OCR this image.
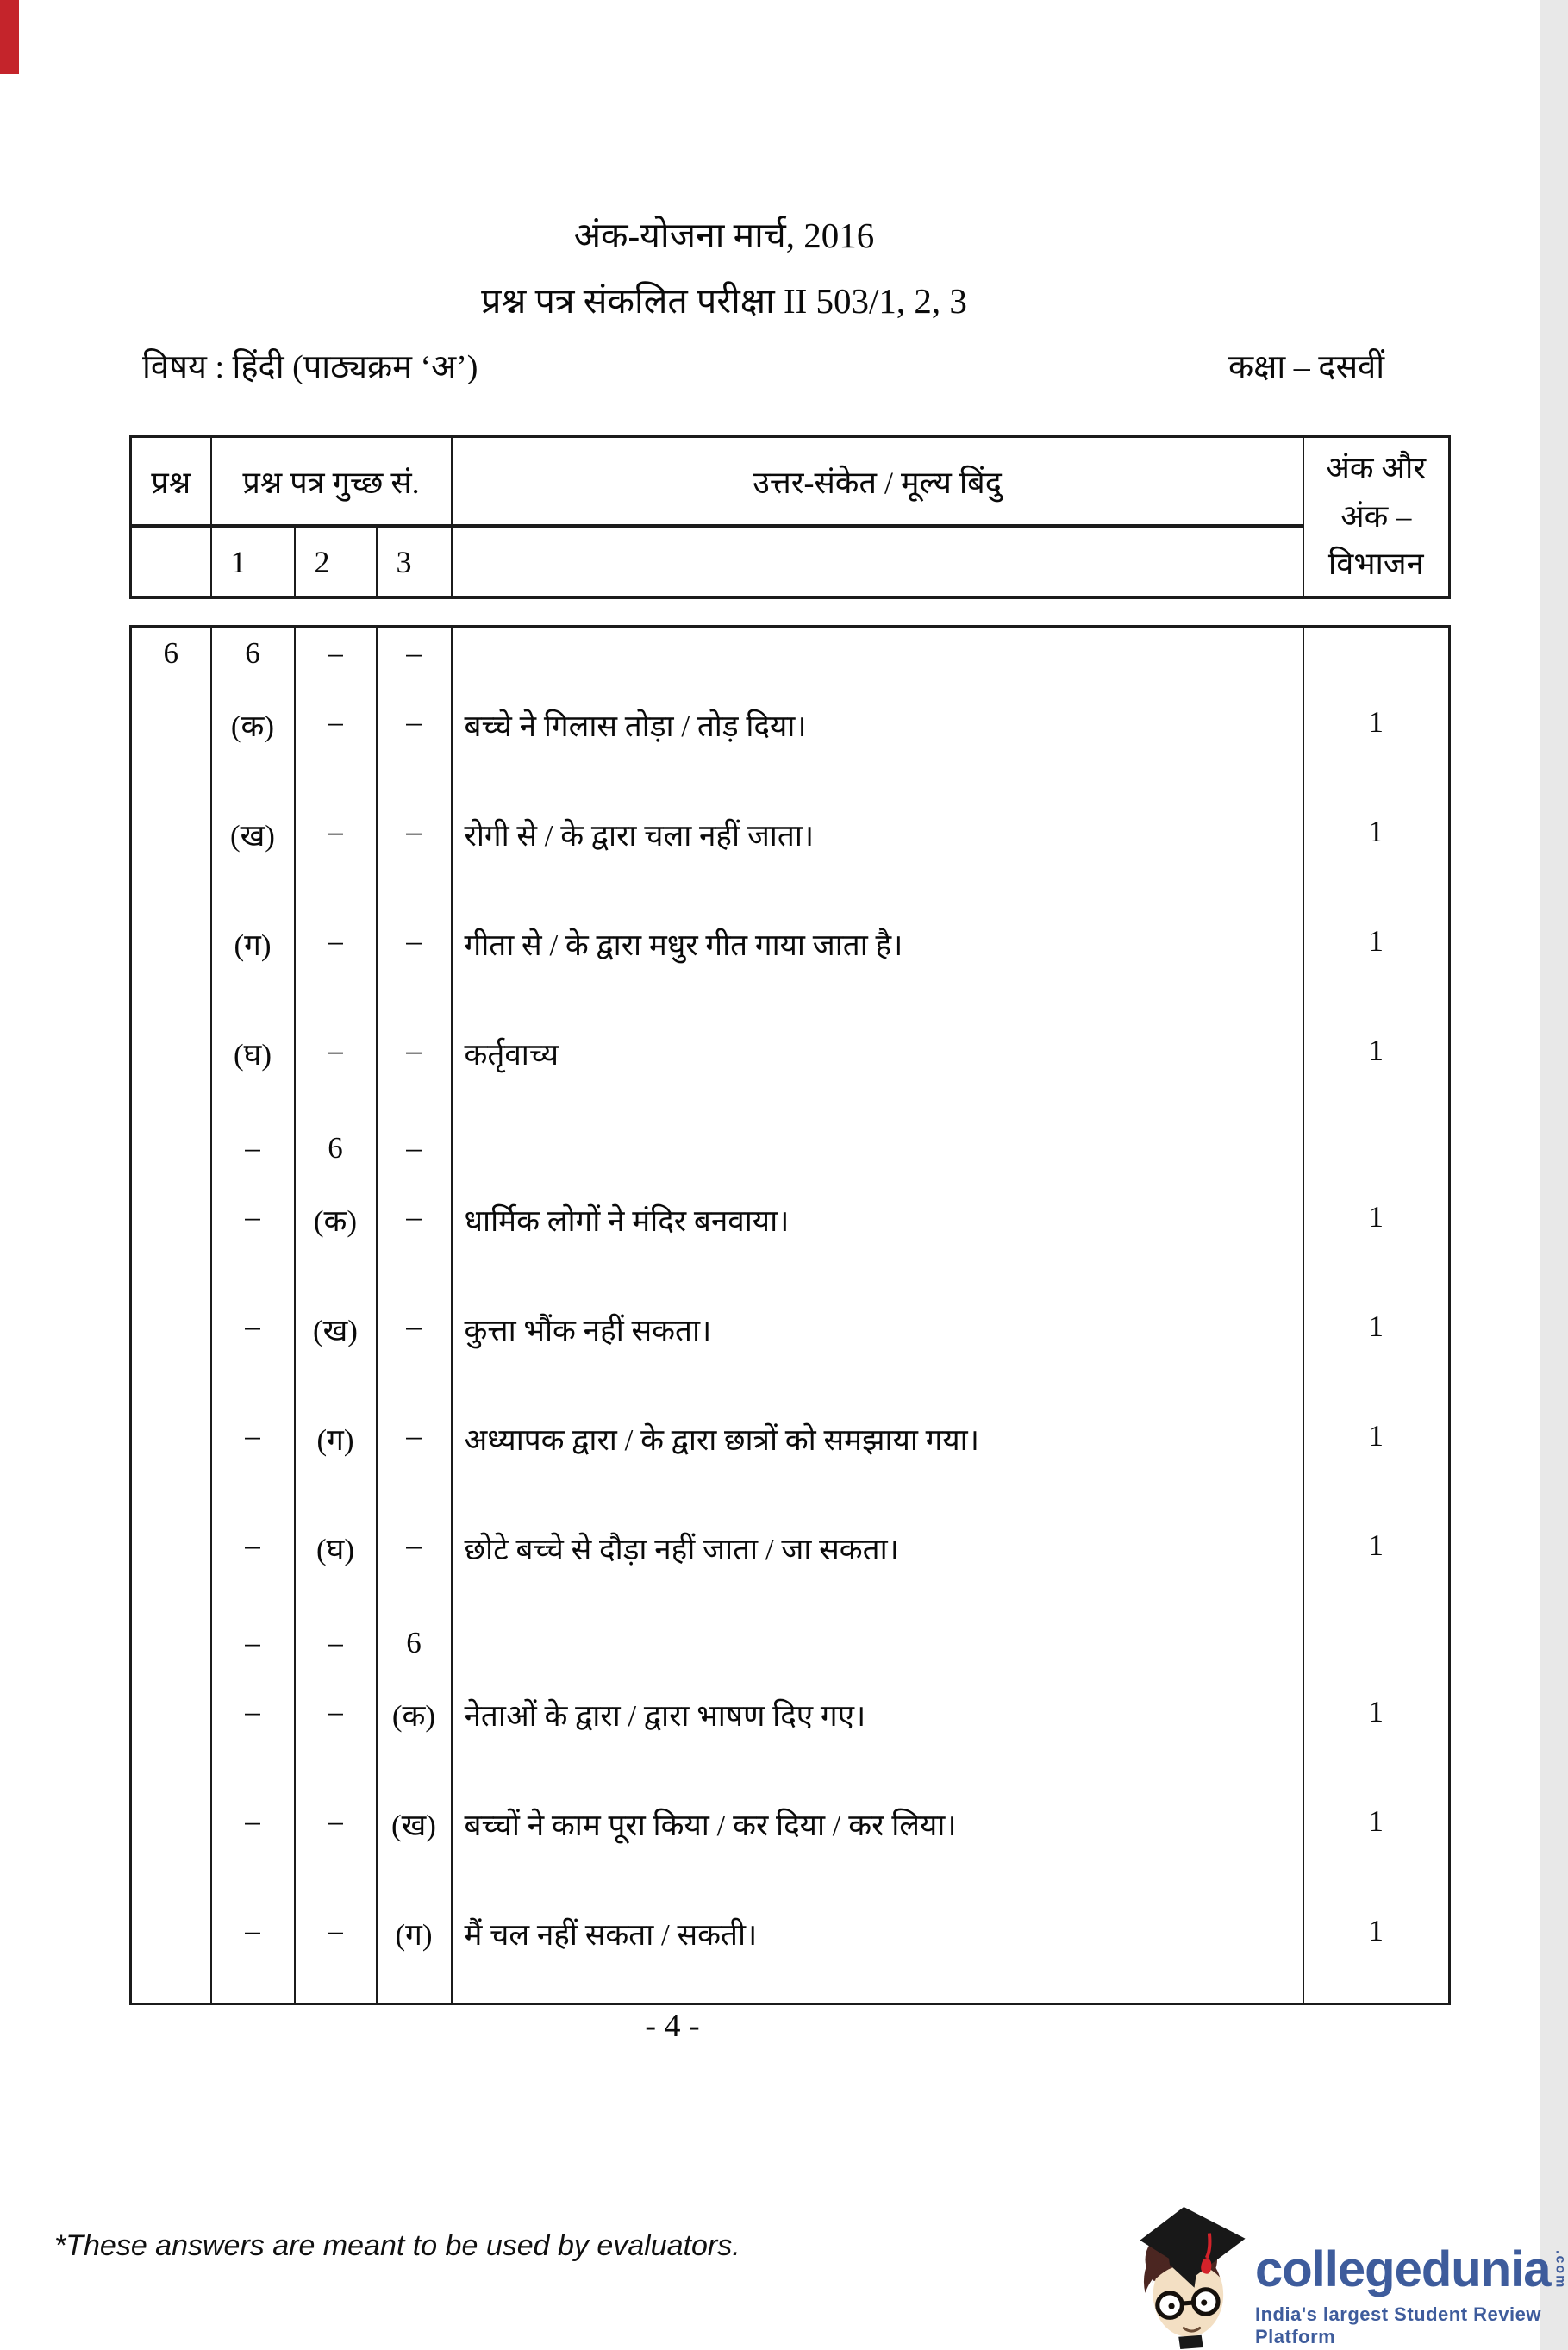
अंक-योजना मार्च, 2016
प्रश्न पत्र संकलित परीक्षा II 503/1, 2, 3
विषय : हिंदी (पाठ्यक्रम ‘अ’)	कक्षा – दसवीं
प्रश्न	प्रश्न पत्र गुच्छ सं.			उत्तर-संकेत / मूल्य बिंदु	अंक और
अंक –
विभाजन

	1	2	3		
6	6	–	–		
	(क)	–	–	बच्चे ने गिलास तोड़ा / तोड़ दिया।	1
	(ख)	–	–	रोगी से / के द्वारा चला नहीं जाता।	1
	(ग)	–	–	गीता से / के द्वारा मधुर गीत गाया जाता है।	1
	(घ)	–	–	कर्तृवाच्य	1
	–	6	–		
	–	(क)	–	धार्मिक लोगों ने मंदिर बनवाया।	1
	–	(ख)	–	कुत्ता भौंक नहीं सकता।	1
	–	(ग)	–	अध्यापक द्वारा / के द्वारा छात्रों को समझाया गया।	1
	–	(घ)	–	छोटे बच्चे से दौड़ा नहीं जाता / जा सकता।	1
	–	–	6		
	–	–	(क)	नेताओं के द्वारा / द्वारा भाषण दिए गए।	1
	–	–	(ख)	बच्चों ने काम पूरा किया / कर दिया / कर लिया।	1
	–	–	(ग)	मैं चल नहीं सकता / सकती।	1
- 4 -
*These answers are meant to be used by evaluators.	collegedunia .com
India's largest Student Review Platform
